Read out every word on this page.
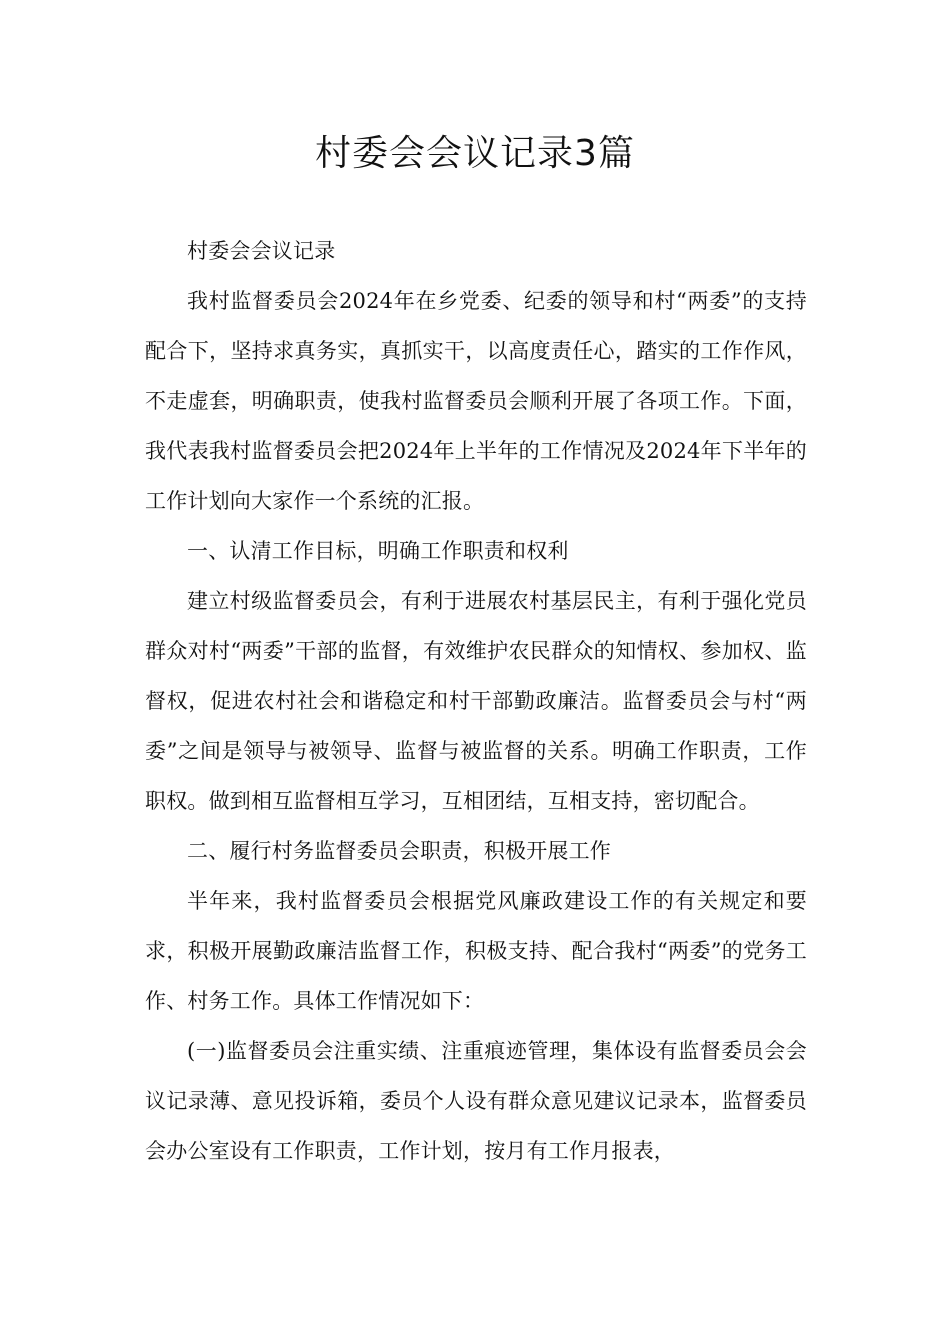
村委会会议记录3篇

村委会会议记录

我村监督委员会2024年在乡党委、纪委的领导和村“两委”的支持配合下，坚持求真务实，真抓实干，以高度责任心，踏实的工作作风，不走虚套，明确职责，使我村监督委员会顺利开展了各项工作。下面，我代表我村监督委员会把2024年上半年的工作情况及2024年下半年的工作计划向大家作一个系统的汇报。

一、认清工作目标，明确工作职责和权利

建立村级监督委员会，有利于进展农村基层民主，有利于强化党员群众对村“两委”干部的监督，有效维护农民群众的知情权、参加权、监督权，促进农村社会和谐稳定和村干部勤政廉洁。监督委员会与村“两委”之间是领导与被领导、监督与被监督的关系。明确工作职责，工作职权。做到相互监督相互学习，互相团结，互相支持，密切配合。

二、履行村务监督委员会职责，积极开展工作

半年来，我村监督委员会根据党风廉政建设工作的有关规定和要求，积极开展勤政廉洁监督工作，积极支持、配合我村“两委”的党务工作、村务工作。具体工作情况如下：

(一)监督委员会注重实绩、注重痕迹管理，集体设有监督委员会会议记录薄、意见投诉箱，委员个人设有群众意见建议记录本，监督委员会办公室设有工作职责，工作计划，按月有工作月报表，
